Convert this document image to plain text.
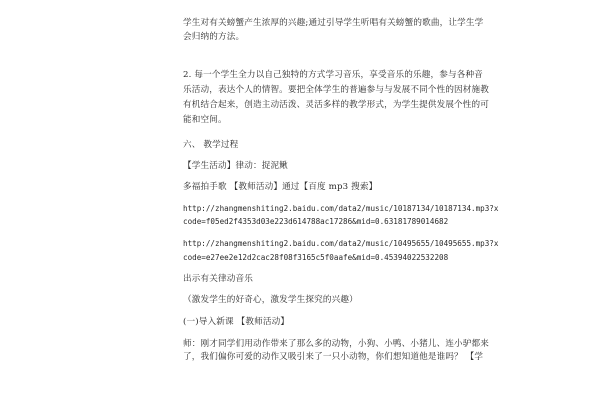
学生对有关螃蟹产生浓厚的兴趣;通过引导学生听唱有关螃蟹的歌曲，让学生学
会归纳的方法。
2. 每一个学生全力以自己独特的方式学习音乐，享受音乐的乐趣，参与各种音
乐活动，表达个人的情智。要把全体学生的普遍参与与发展不同个性的因材施教
有机结合起来，创造主动活泼、灵活多样的教学形式，为学生提供发展个性的可
能和空间。
六、 教学过程
【学生活动】律动：捉泥鳅
多福拍手歌 【教师活动】通过【百度 mp3 搜索】
http://zhangmenshiting2.baidu.com/data2/music/10187134/10187134.mp3?x
code=f05ed2f4353d03e223d614788ac17286&mid=0.63181789014682
http://zhangmenshiting2.baidu.com/data2/music/10495655/10495655.mp3?x
code=e27ee2e12d2cac28f08f3165c5f0aafe&mid=0.45394022532208
出示有关律动音乐
（激发学生的好奇心，激发学生探究的兴趣）
(一)导入新课 【教师活动】
师：刚才同学们用动作带来了那么多的动物，小狗、小鸭、小猪儿、连小驴都来
了，我们偏你可爱的动作又吸引来了一只小动物，你们想知道他是谁吗？ 【学
